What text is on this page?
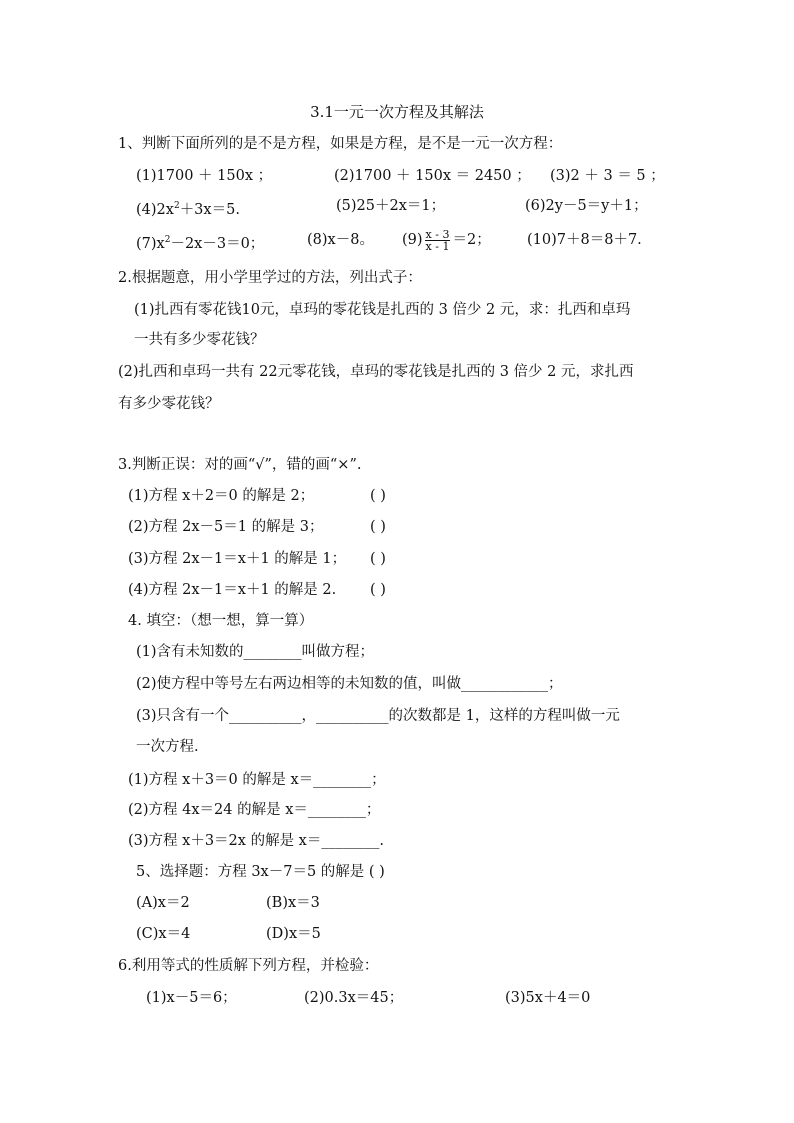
3.1一元一次方程及其解法
1、判断下面所列的是不是方程，如果是方程，是不是一元一次方程：
(1)1700 ＋ 150x ；	(2)1700 ＋ 150x ＝ 2450 ； (3)2 ＋ 3 ＝ 5 ；
$(4)2x^2+3x=5$.	(5)25＋2x＝1；	(6)2y－5＝y＋1；
$(7)x^2-2x-3=0$；	(8)x－8。 $(9) \frac{x - 3}{x - 1} =2$；	(10)7＋8＝8＋7.
2.根据题意，用小学里学过的方法，列出式子：
(1)扎西有零花钱10元，卓玛的零花钱是扎西的 3 倍少 2 元，求：扎西和卓玛
一共有多少零花钱？
(2)扎西和卓玛一共有 22元零花钱，卓玛的零花钱是扎西的 3 倍少 2 元，求扎西
有多少零花钱？
3.判断正误：对的画“√”，错的画“×”.
(1)方程 x＋2＝0 的解是 2；	( )
(2)方程 2x－5＝1 的解是 3；	( )
(3)方程 2x－1＝x＋1 的解是 1； ( )
(4)方程 2x－1＝x＋1 的解是 2. ( )
4. 填空：（想一想，算一算）
(1)含有未知数的________叫做方程；
(2)使方程中等号左右两边相等的未知数的值，叫做____________；
(3)只含有一个__________，__________的次数都是 1，这样的方程叫做一元
一次方程.
(1)方程 x＋3＝0 的解是 x＝________；
(2)方程 4x＝24 的解是 x＝________；
(3)方程 x＋3＝2x 的解是 x＝________.
5、选择题：方程 3x－7＝5 的解是 ( )
(A)x＝2	(B)x＝3
(C)x＝4	(D)x＝5
6.利用等式的性质解下列方程，并检验：
(1)x－5＝6；	(2)0.3x＝45；	(3)5x＋4＝0
